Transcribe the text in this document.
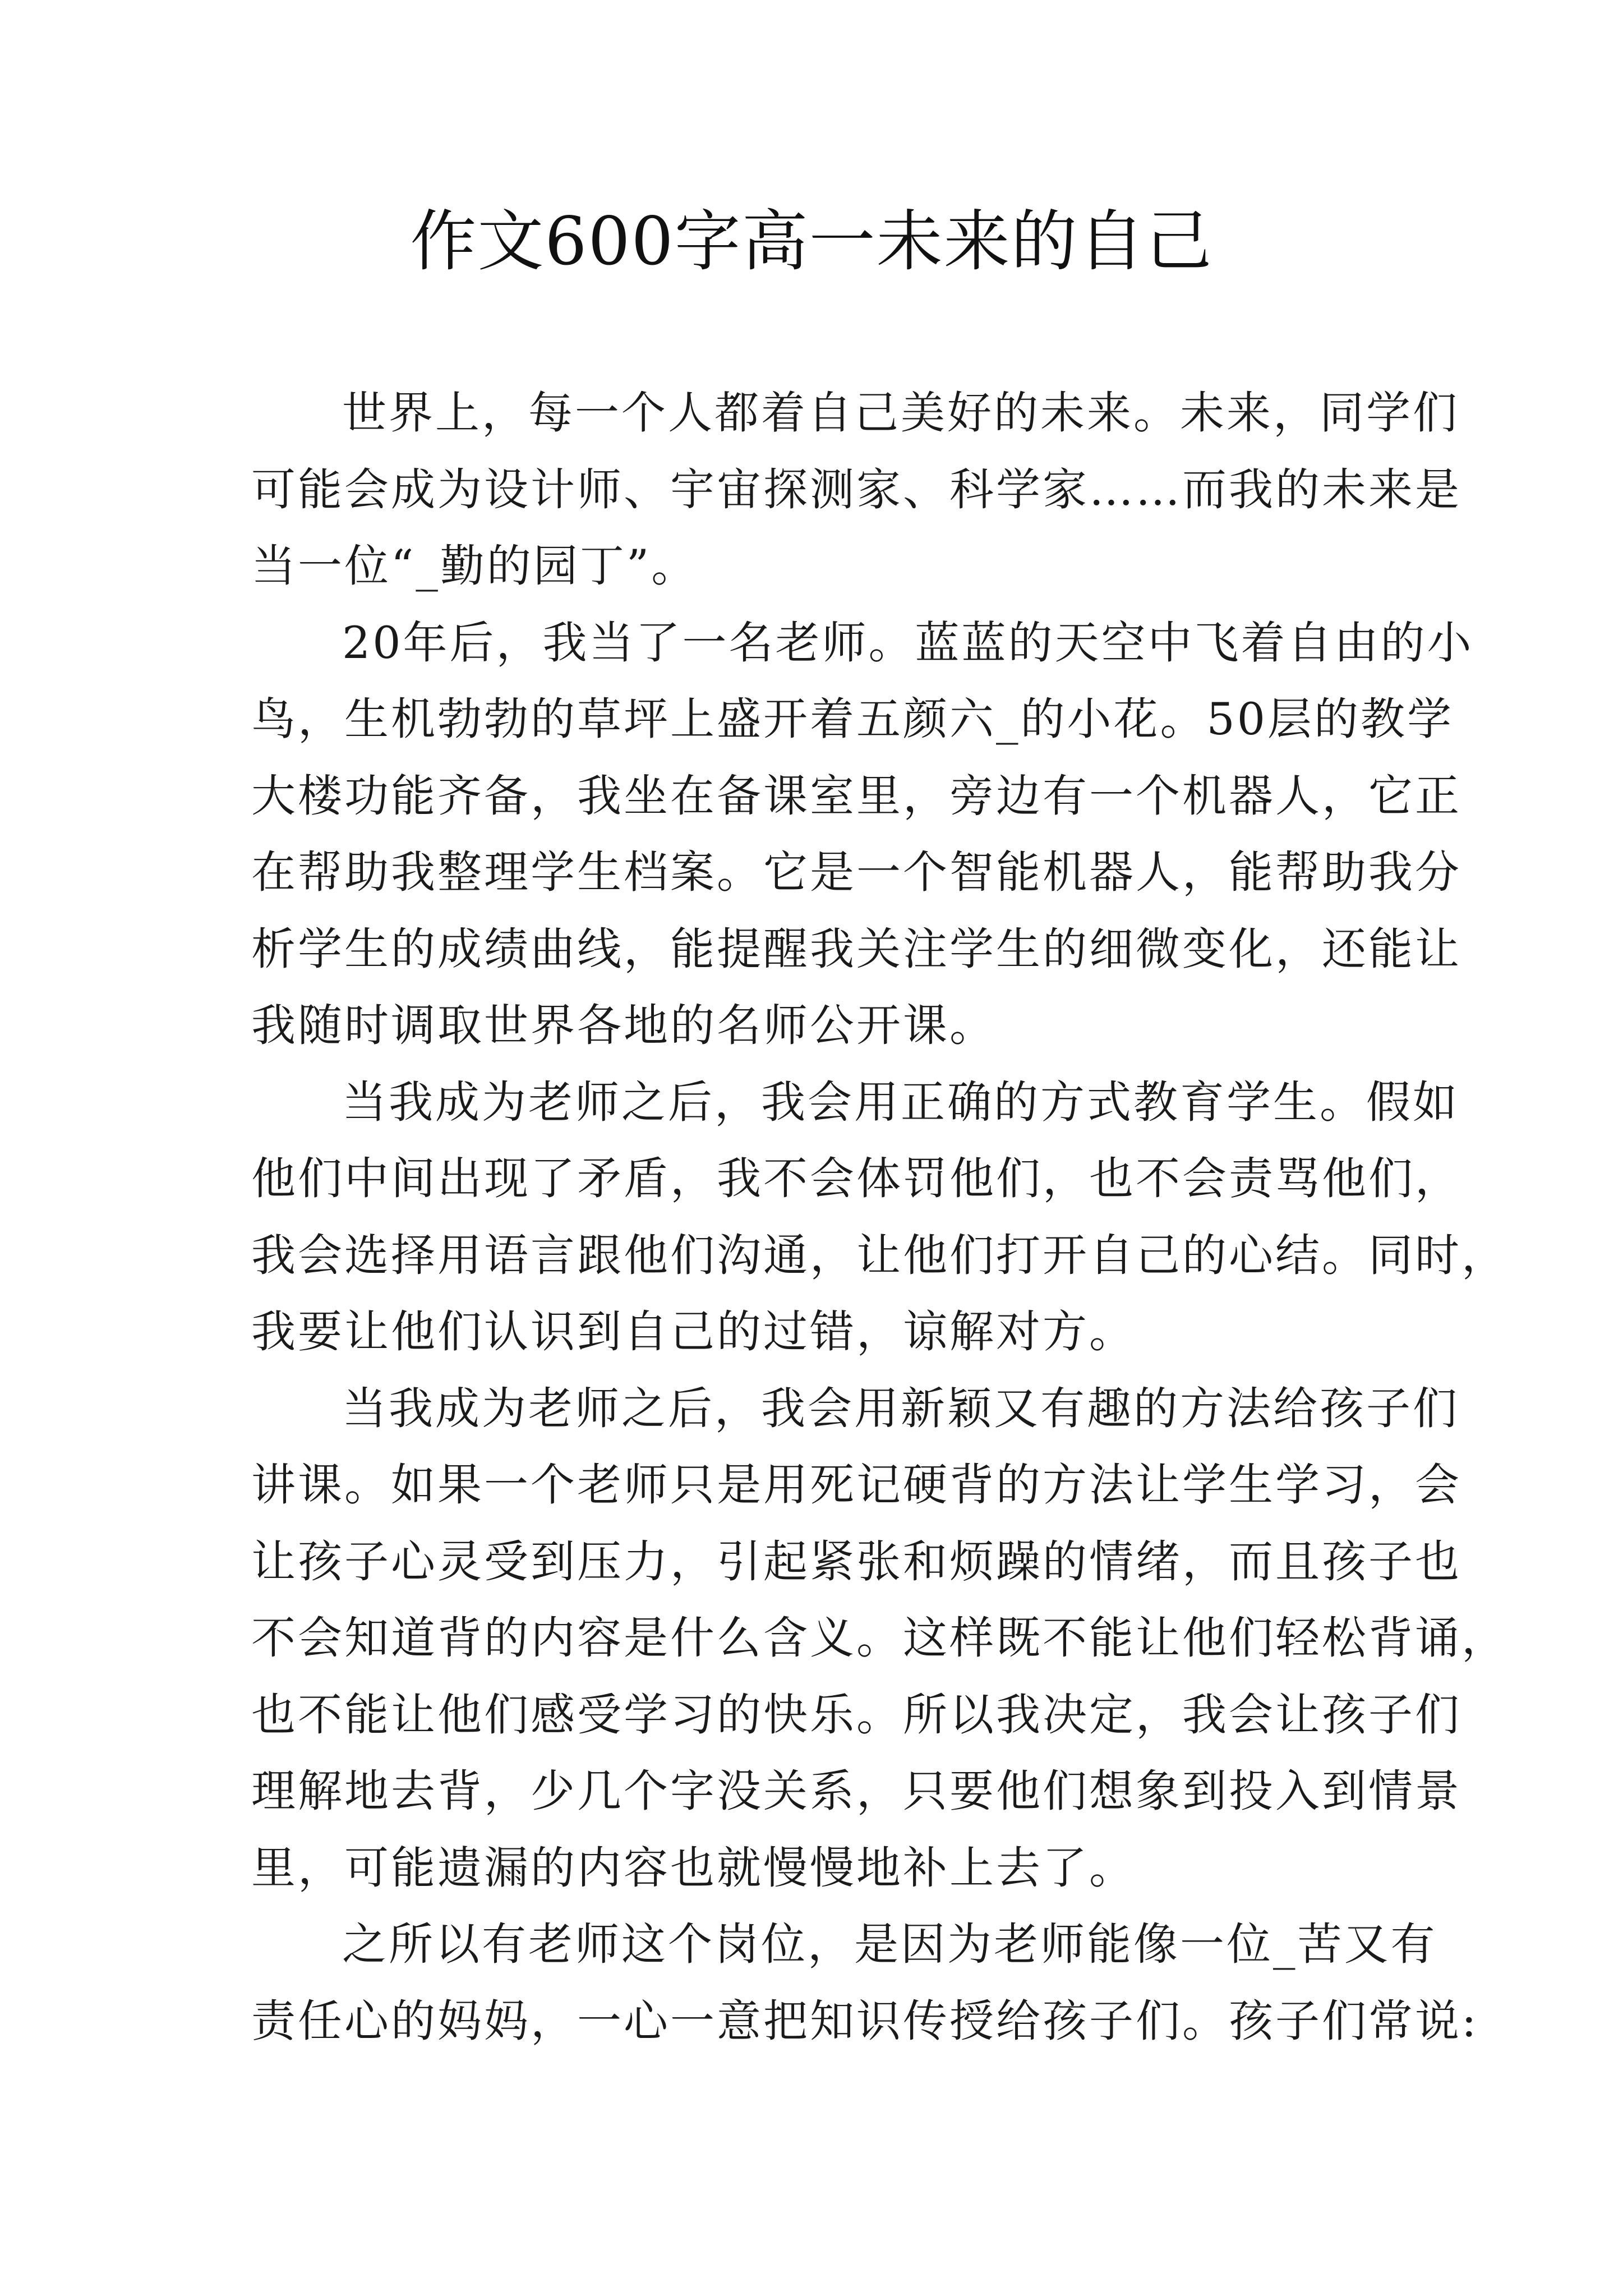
作文600字高一未来的自己
世界上，每一个人都着自己美好的未来。未来，同学们
可能会成为设计师、宇宙探测家、科学家……而我的未来是
当一位“_勤的园丁”。
20年后，我当了一名老师。蓝蓝的天空中飞着自由的小
鸟，生机勃勃的草坪上盛开着五颜六_的小花。50层的教学
大楼功能齐备，我坐在备课室里，旁边有一个机器人，它正
在帮助我整理学生档案。它是一个智能机器人，能帮助我分
析学生的成绩曲线，能提醒我关注学生的细微变化，还能让
我随时调取世界各地的名师公开课。
当我成为老师之后，我会用正确的方式教育学生。假如
他们中间出现了矛盾，我不会体罚他们，也不会责骂他们，
我会选择用语言跟他们沟通，让他们打开自己的心结。同时，
我要让他们认识到自己的过错，谅解对方。
当我成为老师之后，我会用新颖又有趣的方法给孩子们
讲课。如果一个老师只是用死记硬背的方法让学生学习，会
让孩子心灵受到压力，引起紧张和烦躁的情绪，而且孩子也
不会知道背的内容是什么含义。这样既不能让他们轻松背诵，
也不能让他们感受学习的快乐。所以我决定，我会让孩子们
理解地去背，少几个字没关系，只要他们想象到投入到情景
里，可能遗漏的内容也就慢慢地补上去了。
之所以有老师这个岗位，是因为老师能像一位_苦又有
责任心的妈妈，一心一意把知识传授给孩子们。孩子们常说:
